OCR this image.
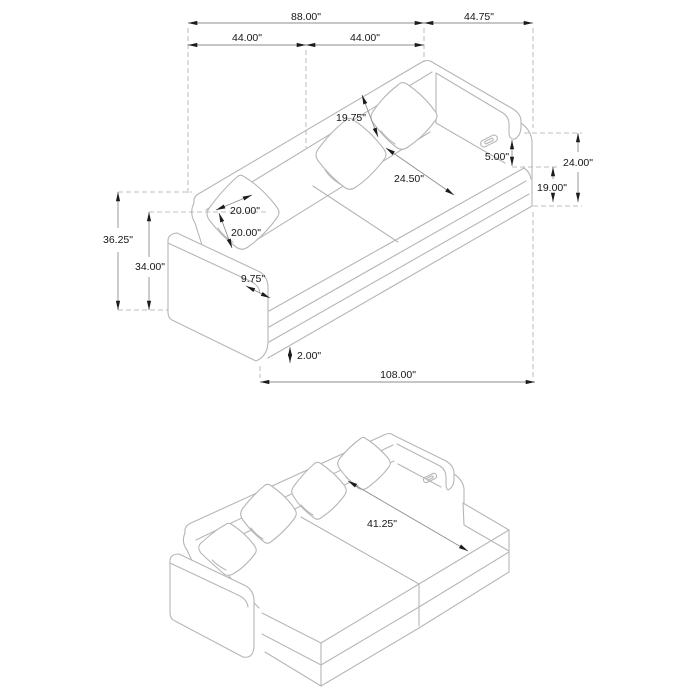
88.00"	44.75"
44.00"	44.00"
36.25"
34.00"
24.00"
19.00"
5.00"
19.75"
24.50"
20.00"
20.00"
9.75"
2.00"
108.00"
41.25"
